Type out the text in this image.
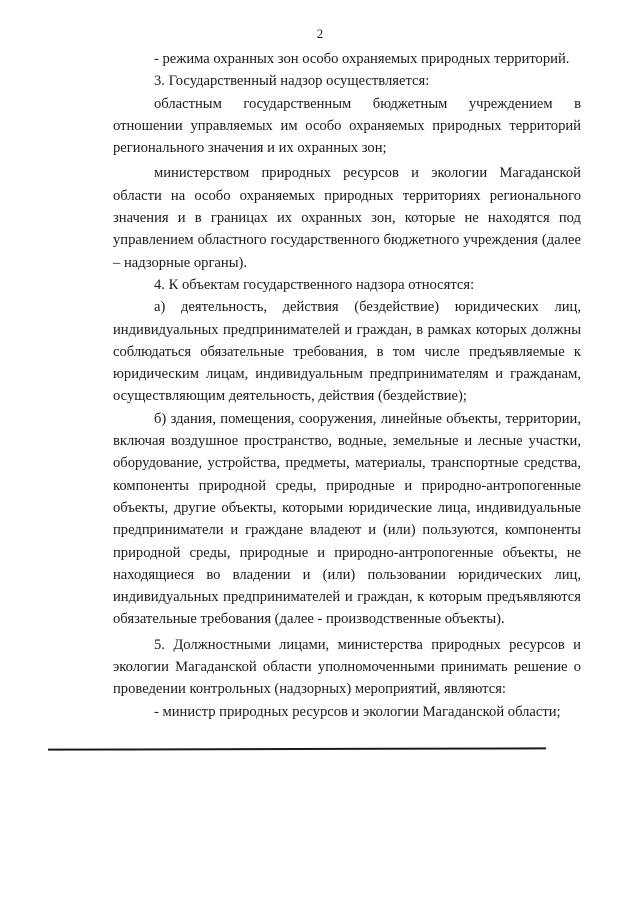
2

- режима охранных зон особо охраняемых природных территорий.

3. Государственный надзор осуществляется:

областным государственным бюджетным учреждением в отношении управляемых им особо охраняемых природных территорий регионального значения и их охранных зон;

министерством природных ресурсов и экологии Магаданской области на особо охраняемых природных территориях регионального значения и в границах их охранных зон, которые не находятся под управлением областного государственного бюджетного учреждения (далее – надзорные органы).

4. К объектам государственного надзора относятся:

а) деятельность, действия (бездействие) юридических лиц, индивидуальных предпринимателей и граждан, в рамках которых должны соблюдаться обязательные требования, в том числе предъявляемые к юридическим лицам, индивидуальным предпринимателям и гражданам, осуществляющим деятельность, действия (бездействие);

б) здания, помещения, сооружения, линейные объекты, территории, включая воздушное пространство, водные, земельные и лесные участки, оборудование, устройства, предметы, материалы, транспортные средства, компоненты природной среды, природные и природно-антропогенные объекты, другие объекты, которыми юридические лица, индивидуальные предприниматели и граждане владеют и (или) пользуются, компоненты природной среды, природные и природно-антропогенные объекты, не находящиеся во владении и (или) пользовании юридических лиц, индивидуальных предпринимателей и граждан, к которым предъявляются обязательные требования (далее - производственные объекты).

5. Должностными лицами, министерства природных ресурсов и экологии Магаданской области уполномоченными принимать решение о проведении контрольных (надзорных) мероприятий, являются:

- министр природных ресурсов и экологии Магаданской области;
